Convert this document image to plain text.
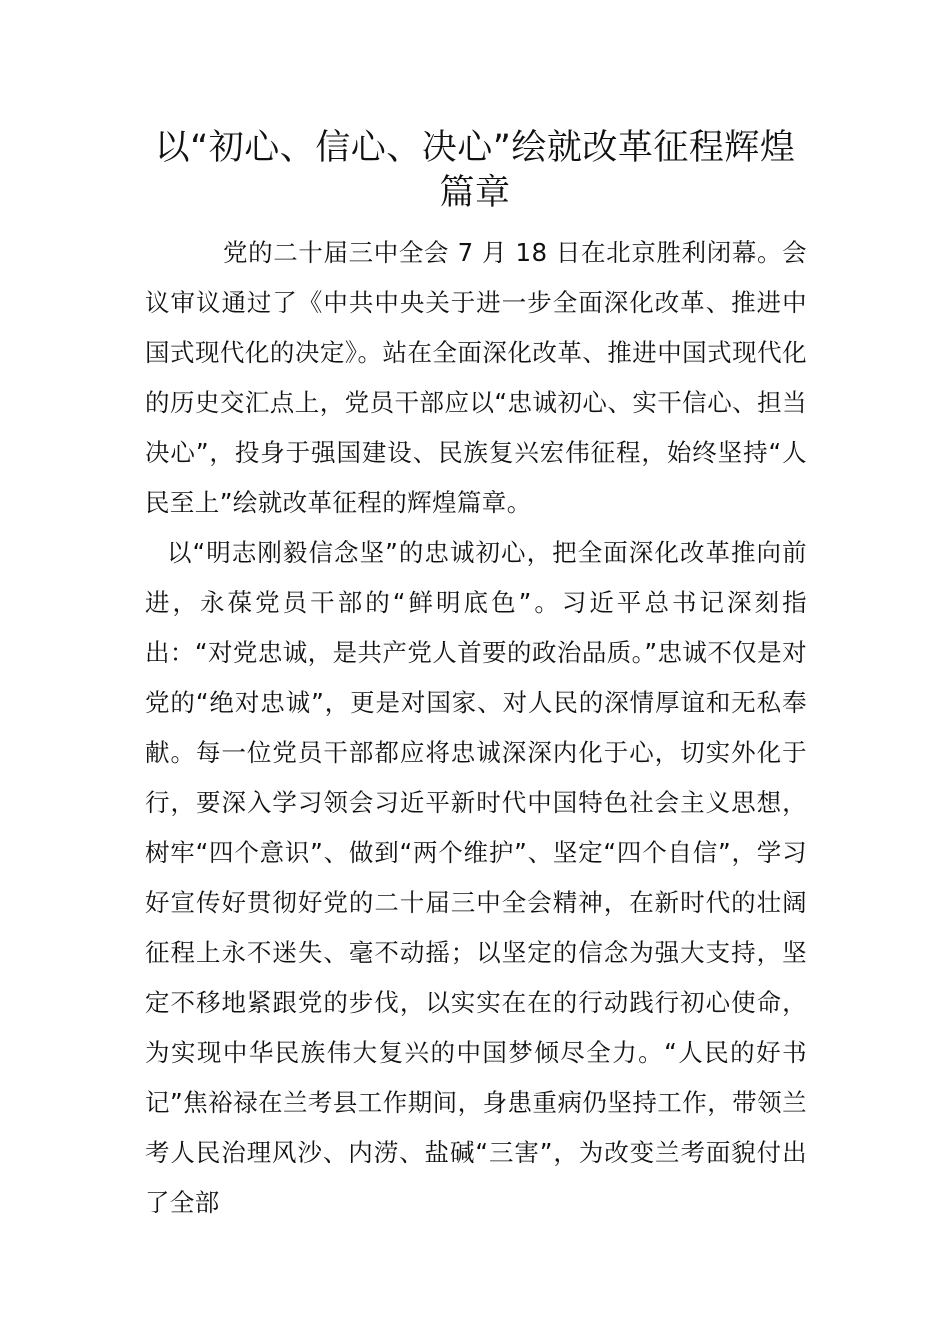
以“初心、信心、决心”绘就改革征程辉煌篇章

党的二十届三中全会 7 月 18 日在北京胜利闭幕。会议审议通过了《中共中央关于进一步全面深化改革、推进中国式现代化的决定》。站在全面深化改革、推进中国式现代化的历史交汇点上，党员干部应以“忠诚初心、实干信心、担当决心”，投身于强国建设、民族复兴宏伟征程，始终坚持“人民至上”绘就改革征程的辉煌篇章。

以“明志刚毅信念坚”的忠诚初心，把全面深化改革推向前进，永葆党员干部的“鲜明底色”。习近平总书记深刻指出：“对党忠诚，是共产党人首要的政治品质。”忠诚不仅是对党的“绝对忠诚”，更是对国家、对人民的深情厚谊和无私奉献。每一位党员干部都应将忠诚深深内化于心，切实外化于行，要深入学习领会习近平新时代中国特色社会主义思想，树牢“四个意识”、做到“两个维护”、坚定“四个自信”，学习好宣传好贯彻好党的二十届三中全会精神，在新时代的壮阔征程上永不迷失、毫不动摇；以坚定的信念为强大支持，坚定不移地紧跟党的步伐，以实实在在的行动践行初心使命，为实现中华民族伟大复兴的中国梦倾尽全力。“人民的好书记”焦裕禄在兰考县工作期间，身患重病仍坚持工作，带领兰考人民治理风沙、内涝、盐碱“三害”，为改变兰考面貌付出了全部
